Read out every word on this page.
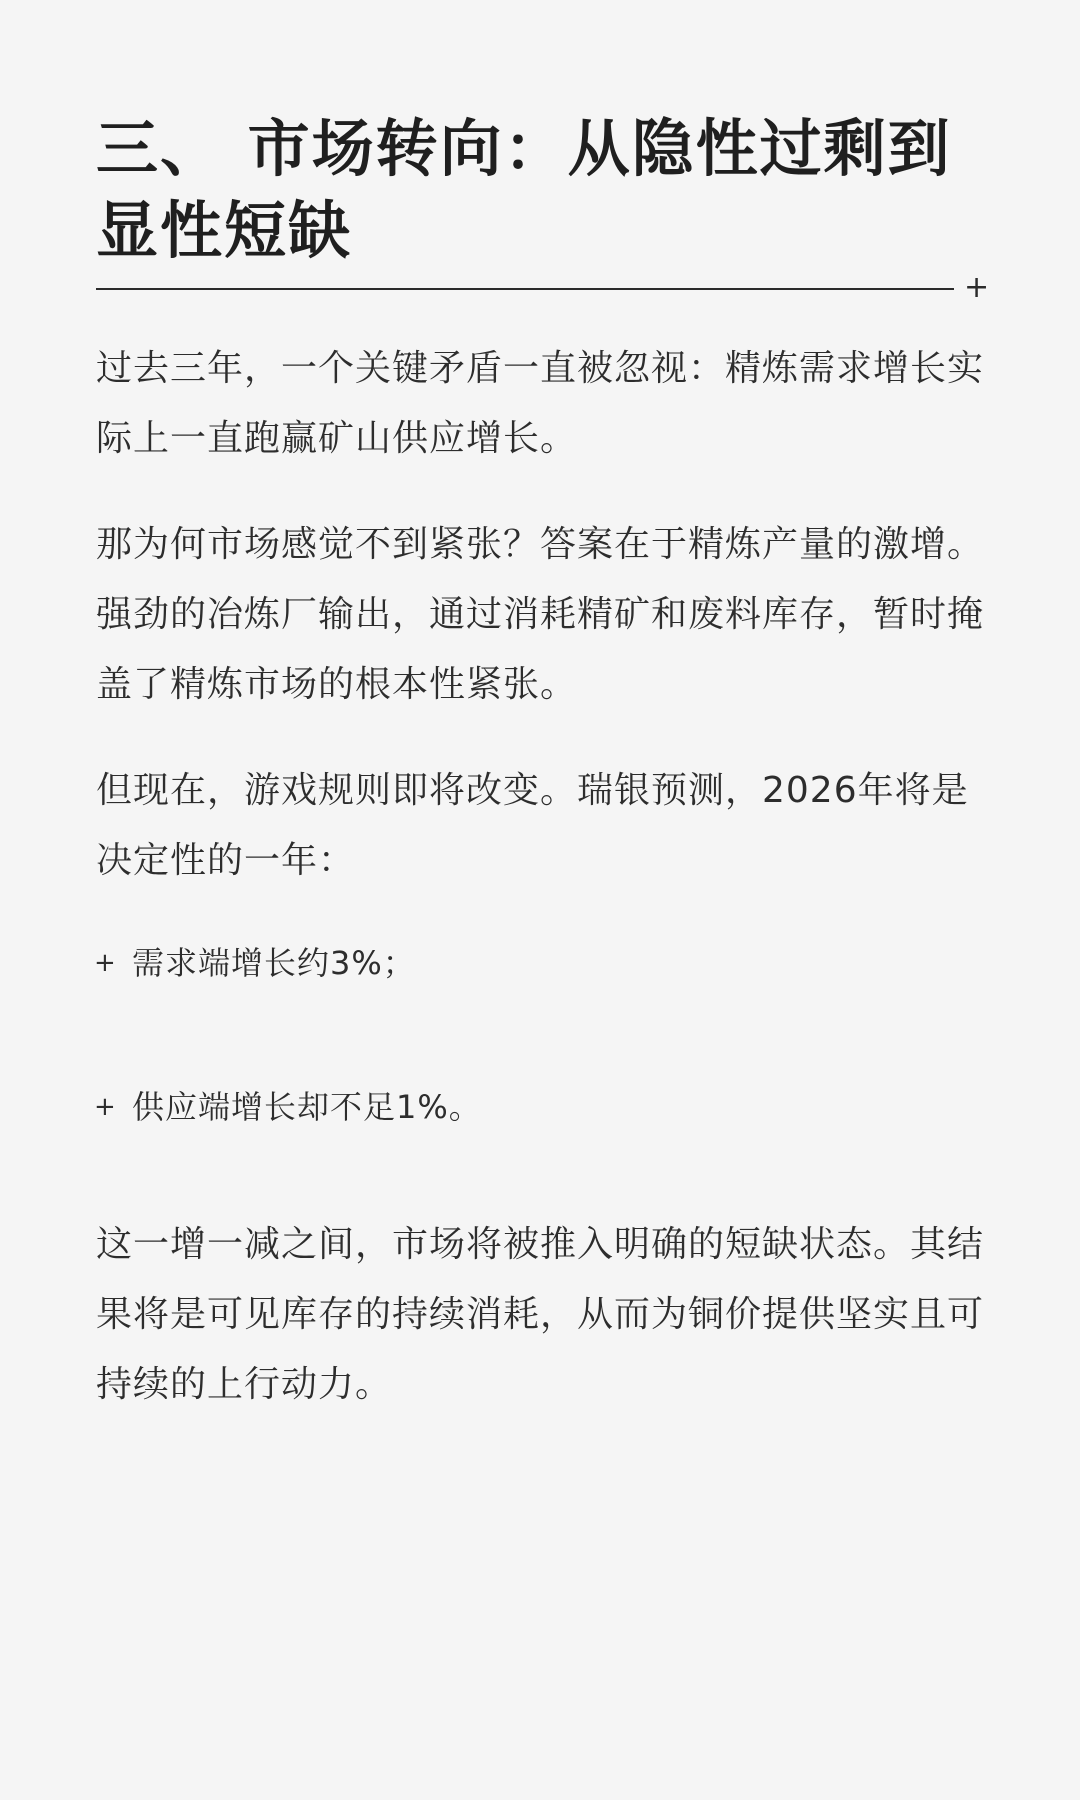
三、 市场转向：从隐性过剩到显性短缺
+

过去三年，一个关键矛盾一直被忽视：精炼需求增长实际上一直跑赢矿山供应增长。

那为何市场感觉不到紧张？答案在于精炼产量的激增。强劲的冶炼厂输出，通过消耗精矿和废料库存，暂时掩盖了精炼市场的根本性紧张。

但现在，游戏规则即将改变。瑞银预测，2026年将是决定性的一年：

+ 需求端增长约3%；
+ 供应端增长却不足1%。

这一增一减之间，市场将被推入明确的短缺状态。其结果将是可见库存的持续消耗，从而为铜价提供坚实且可持续的上行动力。
